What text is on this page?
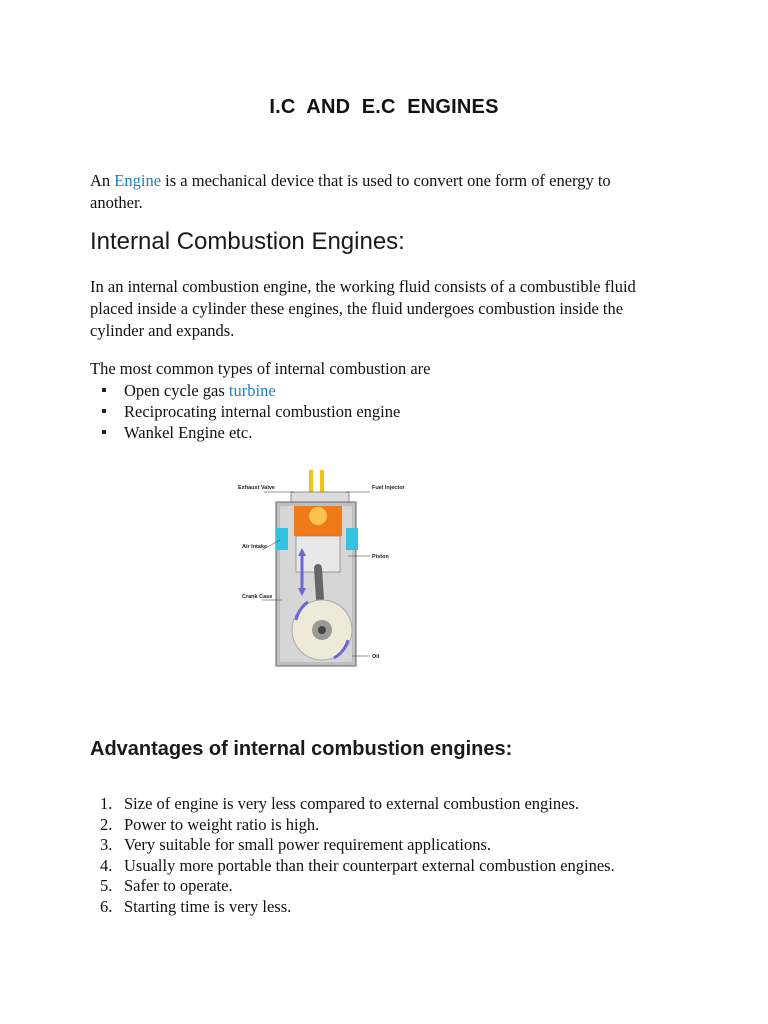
I.C  AND  E.C  ENGINES
An Engine is a mechanical device that is used to convert one form of energy to
another.
Internal Combustion Engines:
In an internal combustion engine, the working fluid consists of a combustible fluid
placed inside a cylinder these engines, the fluid undergoes combustion inside the
cylinder and expands.
The most common types of internal combustion are
Open cycle gas turbine
Reciprocating internal combustion engine
Wankel Engine etc.
Exhaust Valve	Fuel Injector
Air Intake
Piston
Crank Case
Oil
Advantages of internal combustion engines:
1. Size of engine is very less compared to external combustion engines.
2. Power to weight ratio is high.
3. Very suitable for small power requirement applications.
4. Usually more portable than their counterpart external combustion engines.
5. Safer to operate.
6. Starting time is very less.
